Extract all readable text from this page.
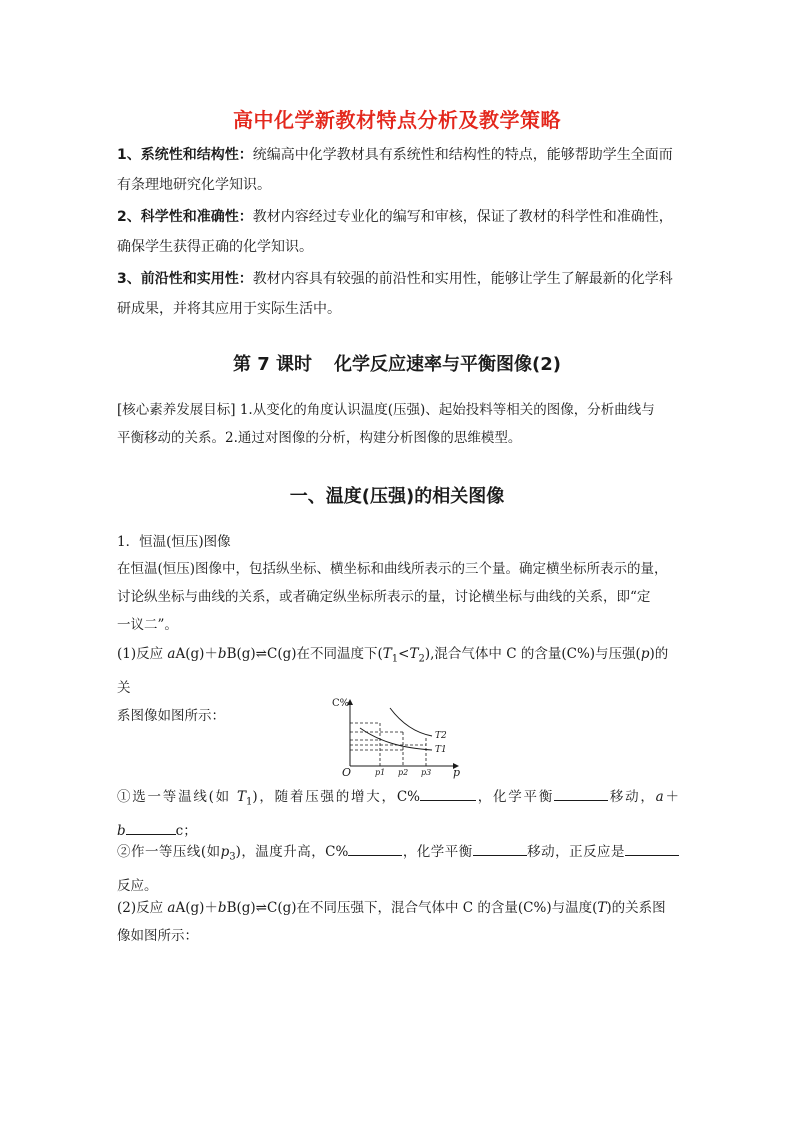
高中化学新教材特点分析及教学策略
1、系统性和结构性：统编高中化学教材具有系统性和结构性的特点，能够帮助学生全面而
有条理地研究化学知识。
2、科学性和准确性：教材内容经过专业化的编写和审核，保证了教材的科学性和准确性，
确保学生获得正确的化学知识。
3、前沿性和实用性：教材内容具有较强的前沿性和实用性，能够让学生了解最新的化学科
研成果，并将其应用于实际生活中。
第 7 课时 化学反应速率与平衡图像(2)
[核心素养发展目标] 1.从变化的角度认识温度(压强)、起始投料等相关的图像，分析曲线与
平衡移动的关系。2.通过对图像的分析，构建分析图像的思维模型。
一、温度(压强)的相关图像
1．恒温(恒压)图像
在恒温(恒压)图像中，包括纵坐标、横坐标和曲线所表示的三个量。确定横坐标所表示的量，
讨论纵坐标与曲线的关系，或者确定纵坐标所表示的量，讨论横坐标与曲线的关系，即“定
一议二”。
(1)反应 aA(g)＋bB(g)⇌C(g)在不同温度下$(T_1<T_2)$,混合气体中 C 的含量(C%)与压强(p)的关
系图像如图所示：
C%
p
O
T2
T1
p1 p2 p3
①选一等温线(如 $T_1$)，随着压强的增大，C%	，化学平衡	移动，a＋
b	c；
②作一等压线(如$p_3$)，温度升高，C%	，化学平衡	移动，正反应是
反应。
(2)反应 aA(g)＋bB(g)⇌C(g)在不同压强下，混合气体中 C 的含量(C%)与温度(T)的关系图
像如图所示：
